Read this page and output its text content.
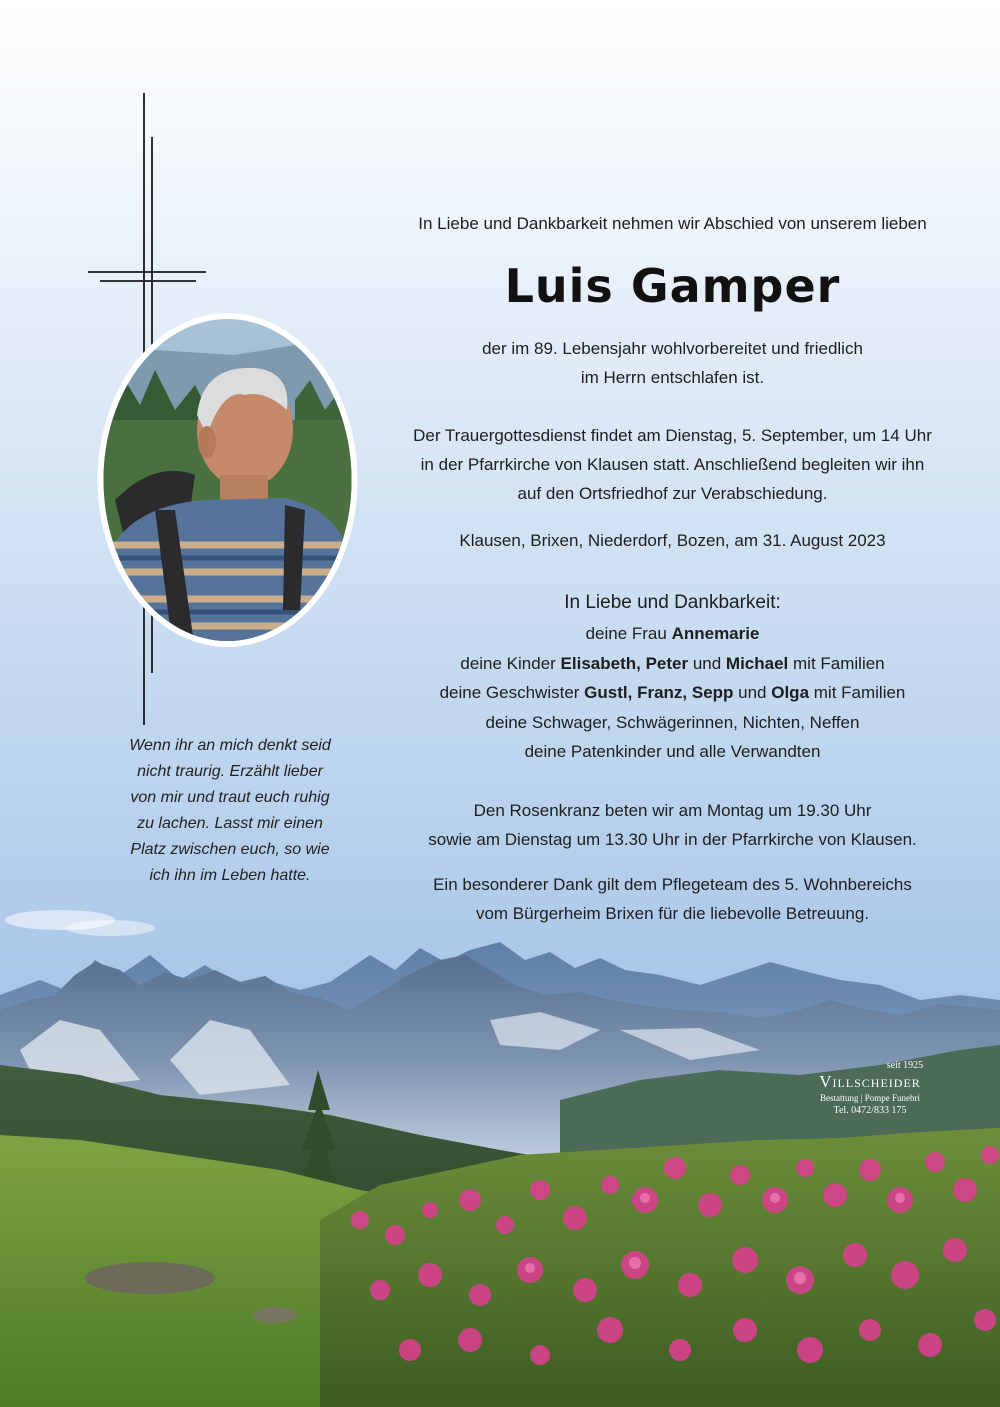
In Liebe und Dankbarkeit nehmen wir Abschied von unserem lieben
Luis Gamper
der im 89. Lebensjahr wohlvorbereitet und friedlich
im Herrn entschlafen ist.
Der Trauergottesdienst findet am Dienstag, 5. September, um 14 Uhr
in der Pfarrkirche von Klausen statt. Anschließend begleiten wir ihn
auf den Ortsfriedhof zur Verabschiedung.
Klausen, Brixen, Niederdorf, Bozen, am 31. August 2023
In Liebe und Dankbarkeit:
deine Frau Annemarie
deine Kinder Elisabeth, Peter und Michael mit Familien
deine Geschwister Gustl, Franz, Sepp und Olga mit Familien
deine Schwager, Schwägerinnen, Nichten, Neffen
deine Patenkinder und alle Verwandten
Den Rosenkranz beten wir am Montag um 19.30 Uhr
sowie am Dienstag um 13.30 Uhr in der Pfarrkirche von Klausen.
Ein besonderer Dank gilt dem Pflegeteam des 5. Wohnbereichs
vom Bürgerheim Brixen für die liebevolle Betreuung.
Wenn ihr an mich denkt seid
nicht traurig. Erzählt lieber
von mir und traut euch ruhig
zu lachen. Lasst mir einen
Platz zwischen euch, so wie
ich ihn im Leben hatte.
seit 1925
Villscheider
Bestattung | Pompe Funebri
Tel. 0472/833 175
